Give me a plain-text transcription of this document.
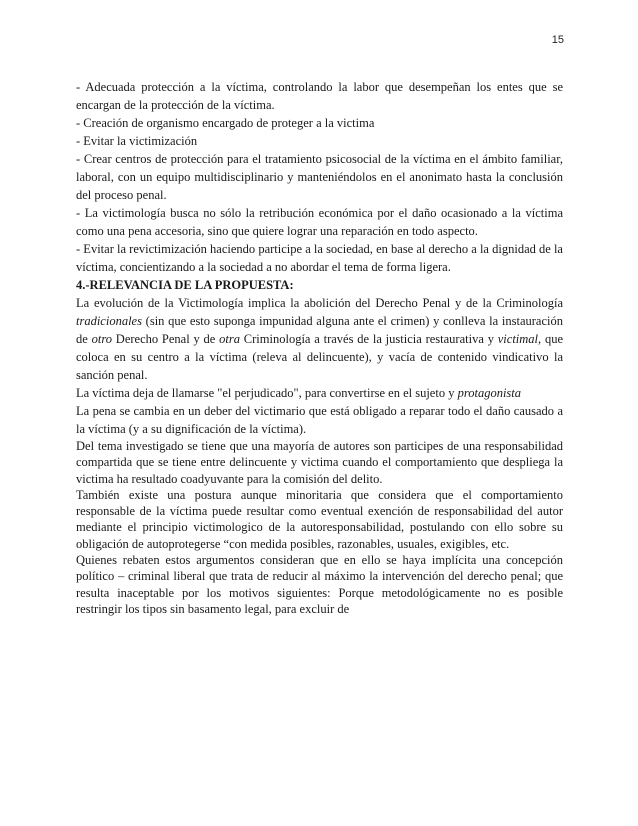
15

- Adecuada protección a la víctima, controlando la labor que desempeñan los entes que se encargan de la protección de la víctima.

- Creación de organismo encargado de proteger a la victima

- Evitar la victimización

- Crear centros de protección para el tratamiento psicosocial de la víctima en el ámbito familiar, laboral, con un equipo multidisciplinario y manteniéndolos en el anonimato hasta la conclusión del proceso penal.

- La victimología busca no sólo la retribución económica por el daño ocasionado a la víctima como una pena accesoria, sino que quiere lograr una reparación en todo aspecto.

- Evitar la revictimización haciendo participe a la sociedad, en base al derecho a la dignidad de la víctima, concientizando a la sociedad a no abordar el tema de forma ligera.

4.-RELEVANCIA DE LA PROPUESTA:

La evolución de la Victimología implica la abolición del Derecho Penal y de la Criminología tradicionales (sin que esto suponga impunidad alguna ante el crimen) y conlleva la instauración de otro Derecho Penal y de otra Criminología a través de la justicia restaurativa y victimal, que coloca en su centro a la víctima (releva al delincuente), y vacía de contenido vindicativo la sanción penal.

La víctima deja de llamarse "el perjudicado", para convertirse en el sujeto y protagonista

La pena se cambia en un deber del victimario que está obligado a reparar todo el daño causado a la víctima (y a su dignificación de la víctima).

Del tema investigado se tiene que una mayoría de autores son participes de una responsabilidad compartida que se tiene entre delincuente y victima cuando el comportamiento que despliega la victima ha resultado coadyuvante para la comisión del delito.

También existe una postura aunque minoritaria que considera que el comportamiento responsable de la víctima puede resultar como eventual exención de responsabilidad del autor mediante el principio victimologico de la autoresponsabilidad, postulando con ello sobre su obligación de autoprotegerse “con medida posibles, razonables, usuales, exigibles, etc.

Quienes rebaten estos argumentos consideran que en ello se haya implícita una concepción político – criminal liberal que trata de reducir al máximo la intervención del derecho penal; que resulta inaceptable por los motivos siguientes: Porque metodológicamente no es posible restringir los tipos sin basamento legal, para excluir de
